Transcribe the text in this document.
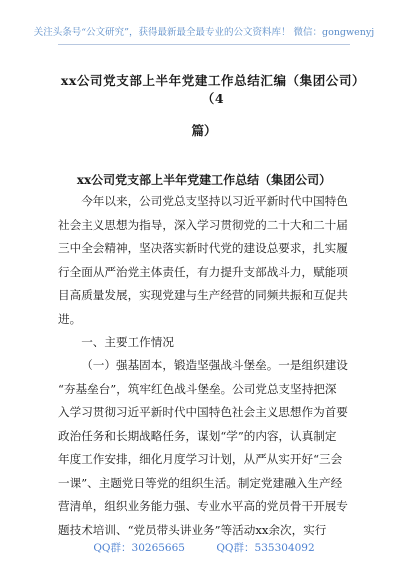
关注头条号“公文研究”，获得最新最全最专业的公文资料库！ 微信：gongwenyj
xx公司党支部上半年党建工作总结汇编（集团公司）（4
篇）
xx公司党支部上半年党建工作总结（集团公司）
今年以来，公司党总支坚持以习近平新时代中国特色
社会主义思想为指导，深入学习贯彻党的二十大和二十届
三中全会精神，坚决落实新时代党的建设总要求，扎实履
行全面从严治党主体责任，有力提升支部战斗力，赋能项
目高质量发展，实现党建与生产经营的同频共振和互促共
进。
一、主要工作情况
（一）强基固本，锻造坚强战斗堡垒。一是组织建设
“夯基垒台”，筑牢红色战斗堡垒。公司党总支坚持把深
入学习贯彻习近平新时代中国特色社会主义思想作为首要
政治任务和长期战略任务，谋划“学”的内容，认真制定
年度工作安排，细化月度学习计划，从严从实开好“三会
一课”、主题党日等党的组织生活。制定党建融入生产经
营清单，组织业务能力强、专业水平高的党员骨干开展专
题技术培训、“党员带头讲业务”等活动xx余次，实行
QQ群：30265665	QQ群：535304092
